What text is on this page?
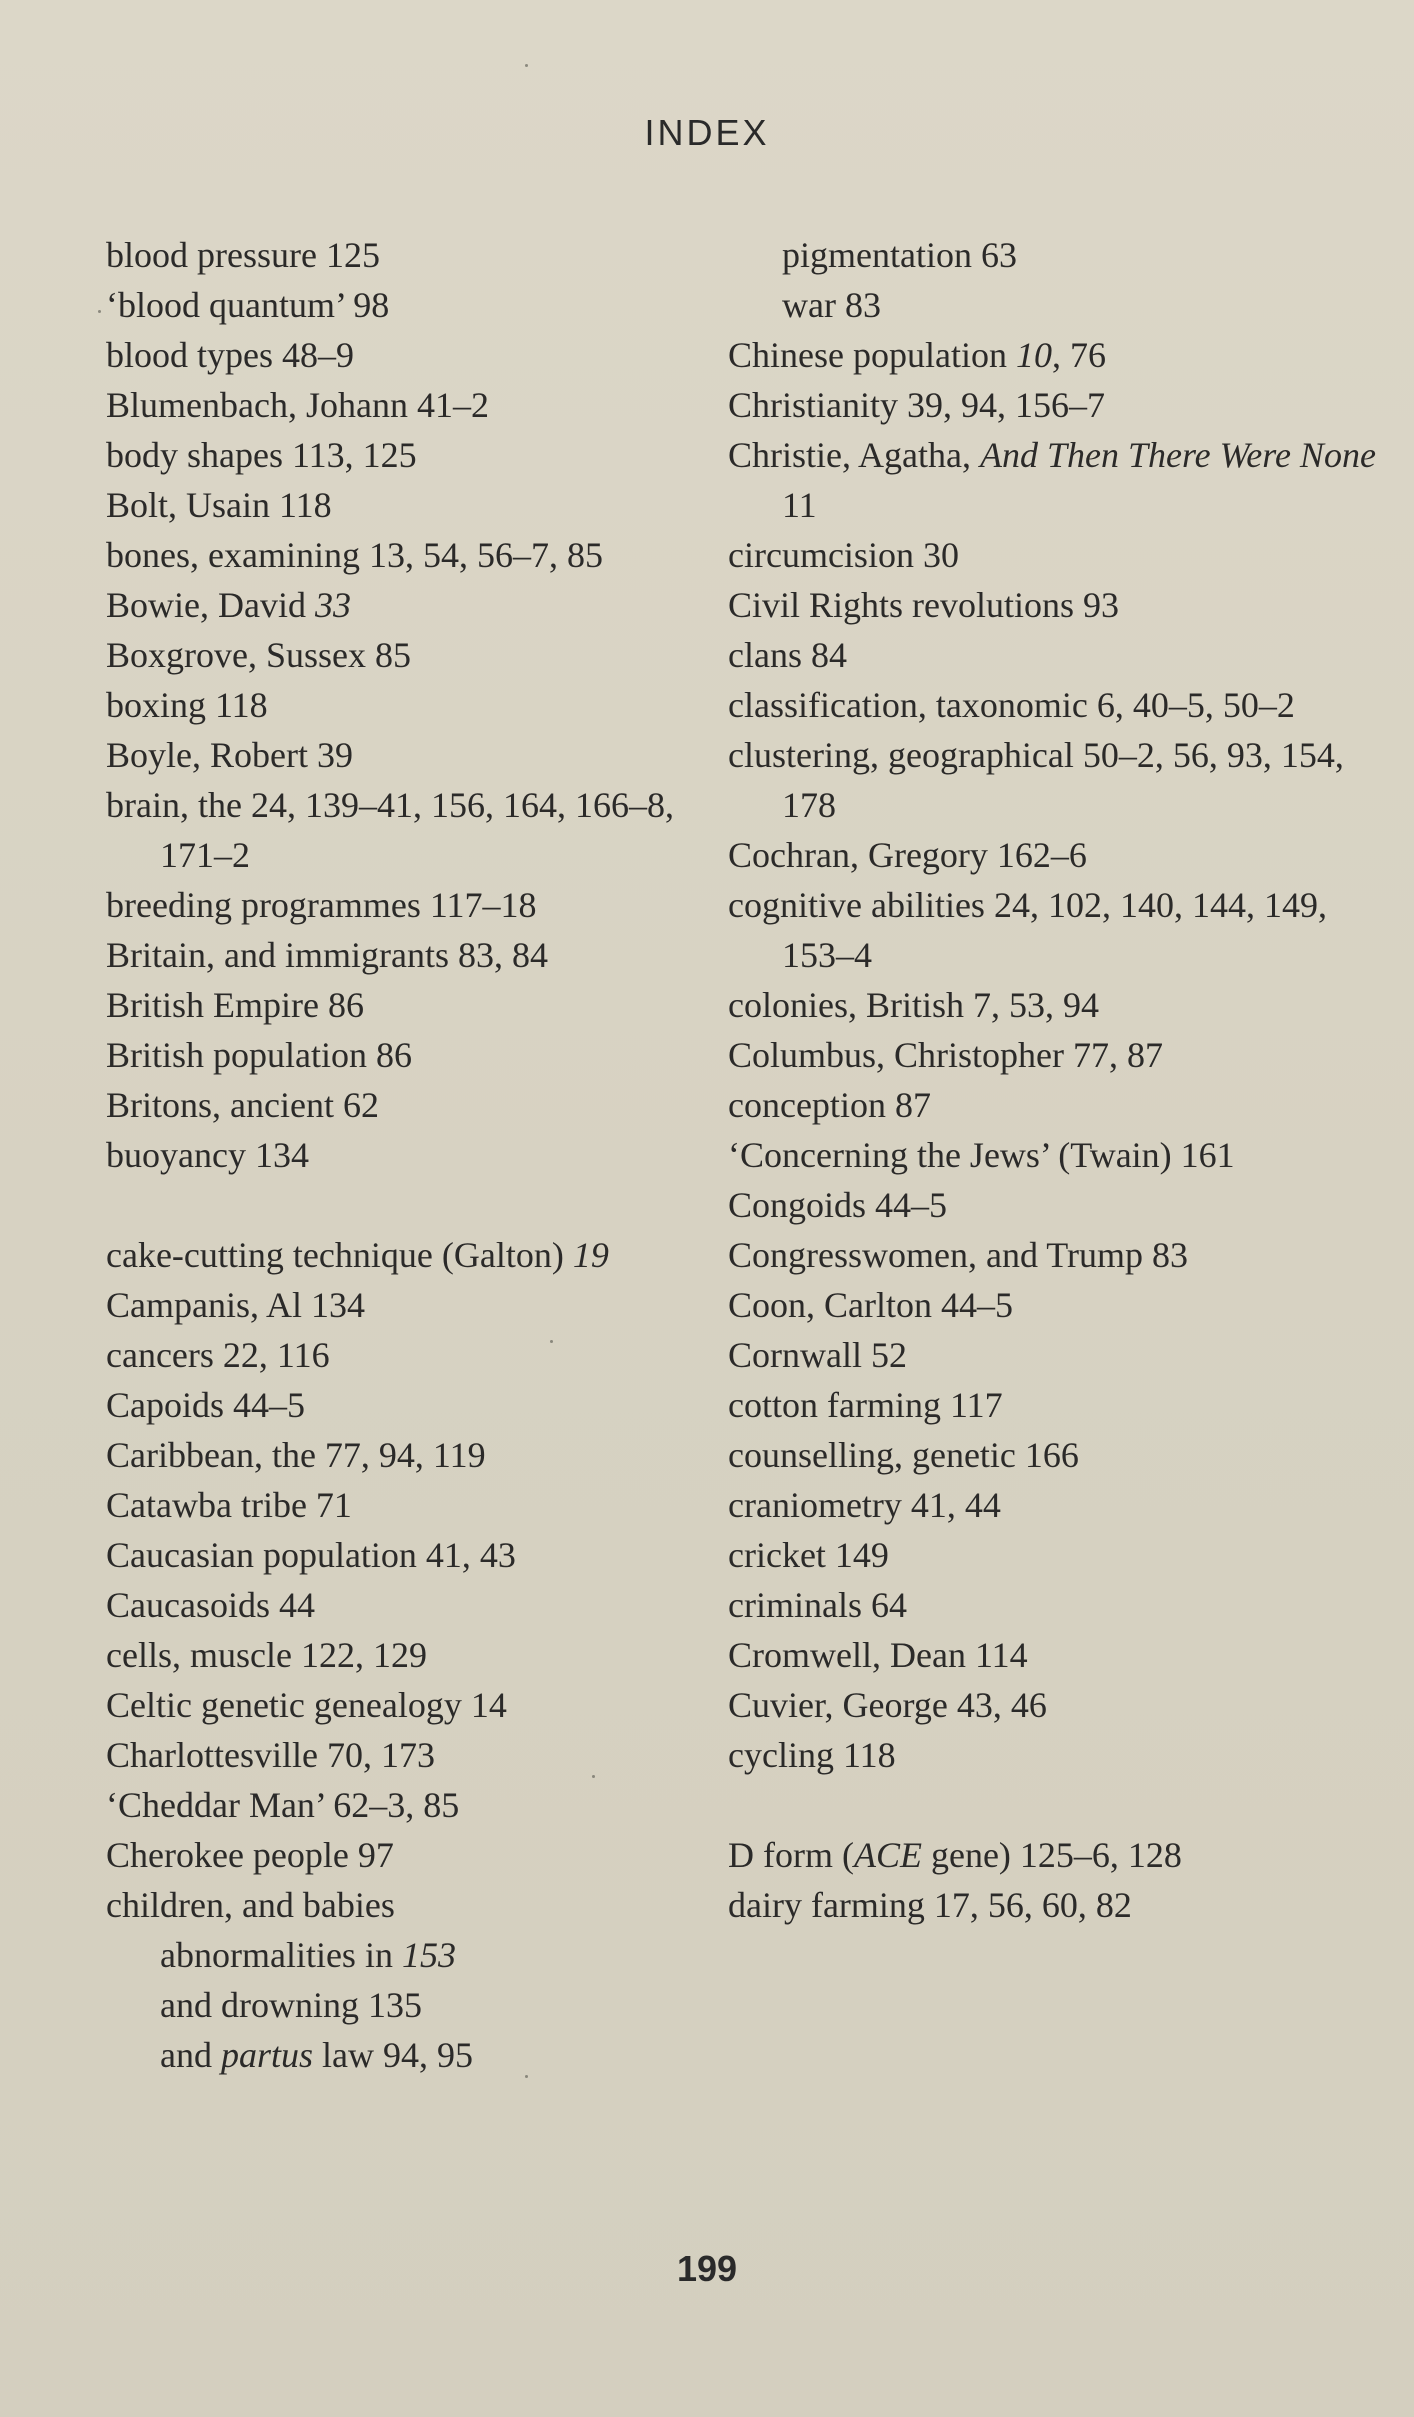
INDEX
blood pressure 125
‘blood quantum’ 98
blood types 48–9
Blumenbach, Johann 41–2
body shapes 113, 125
Bolt, Usain 118
bones, examining 13, 54, 56–7, 85
Bowie, David 33
Boxgrove, Sussex 85
boxing 118
Boyle, Robert 39
brain, the 24, 139–41, 156, 164, 166–8, 171–2
breeding programmes 117–18
Britain, and immigrants 83, 84
British Empire 86
British population 86
Britons, ancient 62
buoyancy 134
cake-cutting technique (Galton) 19
Campanis, Al 134
cancers 22, 116
Capoids 44–5
Caribbean, the 77, 94, 119
Catawba tribe 71
Caucasian population 41, 43
Caucasoids 44
cells, muscle 122, 129
Celtic genetic genealogy 14
Charlottesville 70, 173
‘Cheddar Man’ 62–3, 85
Cherokee people 97
children, and babies
abnormalities in 153
and drowning 135
and partus law 94, 95
pigmentation 63
war 83
Chinese population 10, 76
Christianity 39, 94, 156–7
Christie, Agatha, And Then There Were None 11
circumcision 30
Civil Rights revolutions 93
clans 84
classification, taxonomic 6, 40–5, 50–2
clustering, geographical 50–2, 56, 93, 154, 178
Cochran, Gregory 162–6
cognitive abilities 24, 102, 140, 144, 149, 153–4
colonies, British 7, 53, 94
Columbus, Christopher 77, 87
conception 87
‘Concerning the Jews’ (Twain) 161
Congoids 44–5
Congresswomen, and Trump 83
Coon, Carlton 44–5
Cornwall 52
cotton farming 117
counselling, genetic 166
craniometry 41, 44
cricket 149
criminals 64
Cromwell, Dean 114
Cuvier, George 43, 46
cycling 118
D form (ACE gene) 125–6, 128
dairy farming 17, 56, 60, 82
199
